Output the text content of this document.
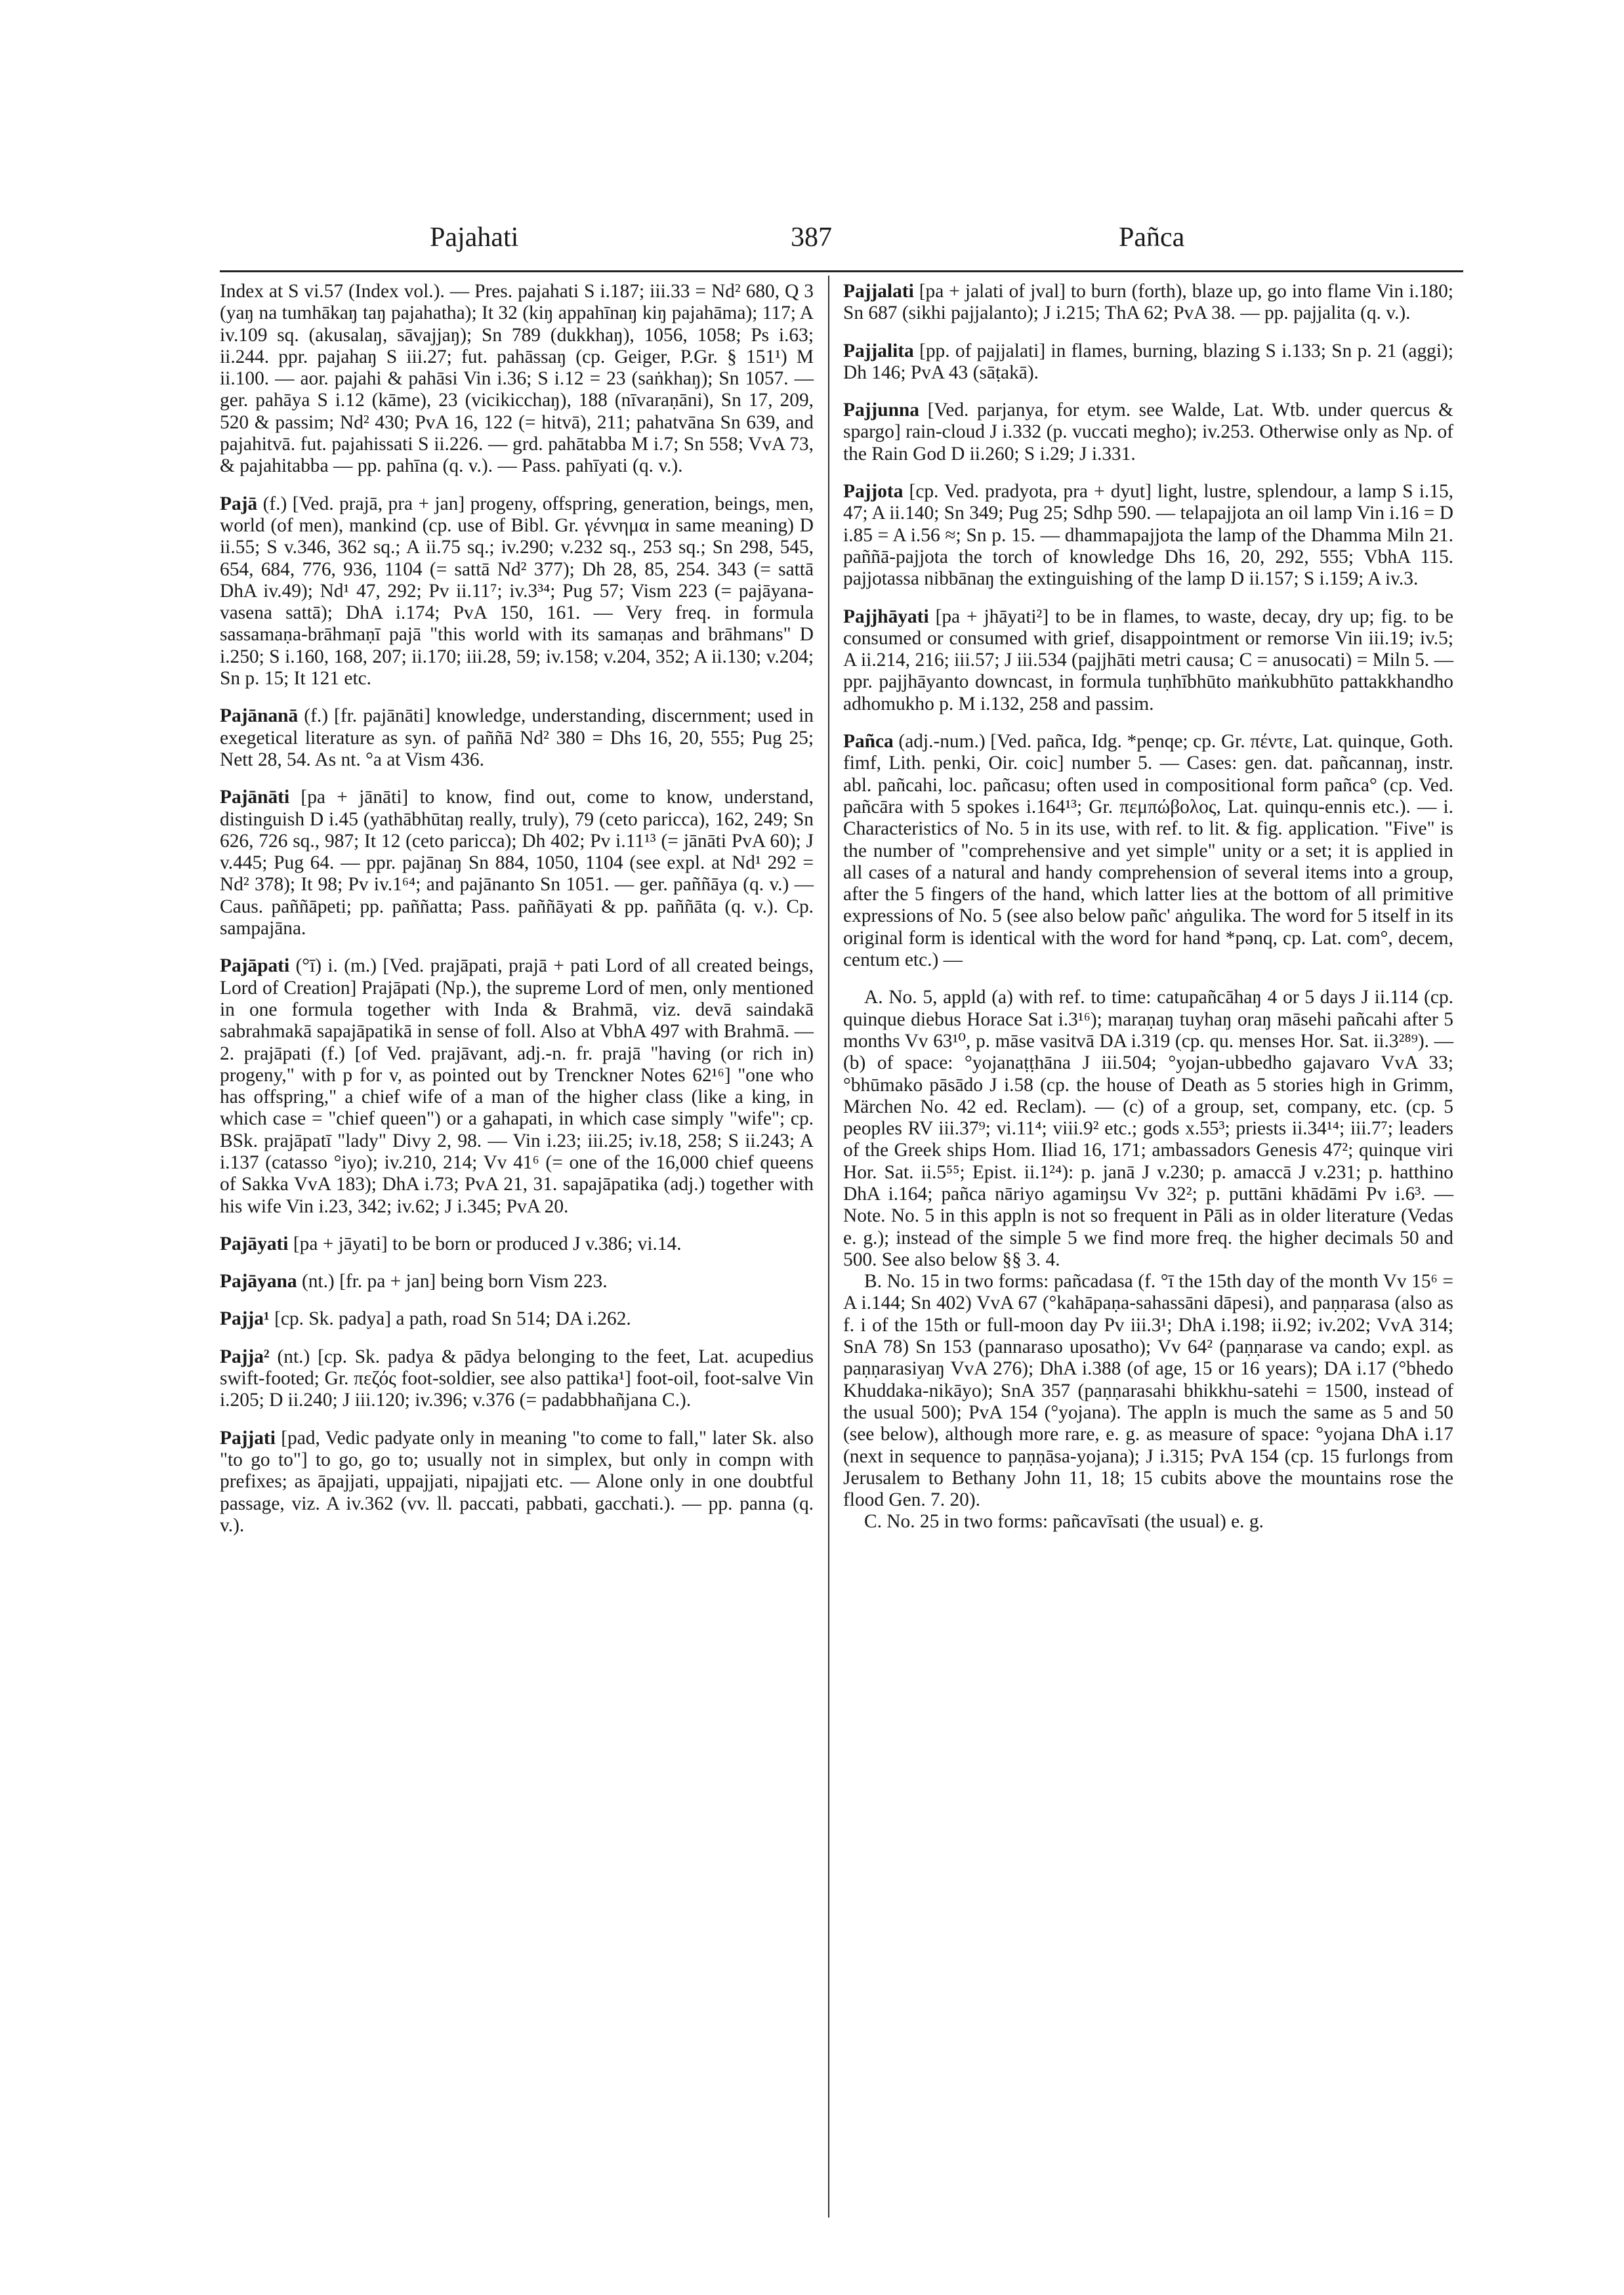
Pajahati	387	Pañca

Index at S vi.57 (Index vol.). — Pres. pajahati S i.187; iii.33 = Nd² 680, Q 3 (yaŋ na tumhākaŋ taŋ pajahatha); It 32 (kiŋ appahīnaŋ kiŋ pajahāma); 117; A iv.109 sq. (akusalaŋ, sāvajjaŋ); Sn 789 (dukkhaŋ), 1056, 1058; Ps i.63; ii.244. ppr. pajahaŋ S iii.27; fut. pahāssaŋ (cp. Geiger, P.Gr. § 151¹) M ii.100. — aor. pajahi & pahāsi Vin i.36; S i.12 = 23 (saṅkhaŋ); Sn 1057. — ger. pahāya S i.12 (kāme), 23 (vicikicchaŋ), 188 (nīvaraṇāni), Sn 17, 209, 520 & passim; Nd² 430; PvA 16, 122 (= hitvā), 211; pahatvāna Sn 639, and pajahitvā. fut. pajahissati S ii.226. — grd. pahātabba M i.7; Sn 558; VvA 73, & pajahitabba — pp. pahīna (q. v.). — Pass. pahīyati (q. v.).

Pajā (f.) [Ved. prajā, pra + jan] progeny, offspring, generation, beings, men, world (of men), mankind (cp. use of Bibl. Gr. γέννημα in same meaning) D ii.55; S v.346, 362 sq.; A ii.75 sq.; iv.290; v.232 sq., 253 sq.; Sn 298, 545, 654, 684, 776, 936, 1104 (= sattā Nd² 377); Dh 28, 85, 254. 343 (= sattā DhA iv.49); Nd¹ 47, 292; Pv ii.11⁷; iv.3³⁴; Pug 57; Vism 223 (= pajāyana-vasena sattā); DhA i.174; PvA 150, 161. — Very freq. in formula sassamaṇa-brāhmaṇī pajā "this world with its samaṇas and brāhmans" D i.250; S i.160, 168, 207; ii.170; iii.28, 59; iv.158; v.204, 352; A ii.130; v.204; Sn p. 15; It 121 etc.

Pajānanā (f.) [fr. pajānāti] knowledge, understanding, discernment; used in exegetical literature as syn. of paññā Nd² 380 = Dhs 16, 20, 555; Pug 25; Nett 28, 54. As nt. °a at Vism 436.

Pajānāti [pa + jānāti] to know, find out, come to know, understand, distinguish D i.45 (yathābhūtaŋ really, truly), 79 (ceto paricca), 162, 249; Sn 626, 726 sq., 987; It 12 (ceto paricca); Dh 402; Pv i.11¹³ (= jānāti PvA 60); J v.445; Pug 64. — ppr. pajānaŋ Sn 884, 1050, 1104 (see expl. at Nd¹ 292 = Nd² 378); It 98; Pv iv.1⁶⁴; and pajānanto Sn 1051. — ger. paññāya (q. v.) — Caus. paññāpeti; pp. paññatta; Pass. paññāyati & pp. paññāta (q. v.). Cp. sampajāna.

Pajāpati (°ī) i. (m.) [Ved. prajāpati, prajā + pati Lord of all created beings, Lord of Creation] Prajāpati (Np.), the supreme Lord of men, only mentioned in one formula together with Inda & Brahmā, viz. devā saindakā sabrahmakā sapajāpatikā in sense of foll. Also at VbhA 497 with Brahmā. — 2. prajāpati (f.) [of Ved. prajāvant, adj.-n. fr. prajā "having (or rich in) progeny," with p for v, as pointed out by Trenckner Notes 62¹⁶] "one who has offspring," a chief wife of a man of the higher class (like a king, in which case = "chief queen") or a gahapati, in which case simply "wife"; cp. BSk. prajāpatī "lady" Divy 2, 98. — Vin i.23; iii.25; iv.18, 258; S ii.243; A i.137 (catasso °iyo); iv.210, 214; Vv 41⁶ (= one of the 16,000 chief queens of Sakka VvA 183); DhA i.73; PvA 21, 31. sapajāpatika (adj.) together with his wife Vin i.23, 342; iv.62; J i.345; PvA 20.

Pajāyati [pa + jāyati] to be born or produced J v.386; vi.14.

Pajāyana (nt.) [fr. pa + jan] being born Vism 223.

Pajja¹ [cp. Sk. padya] a path, road Sn 514; DA i.262.

Pajja² (nt.) [cp. Sk. padya & pādya belonging to the feet, Lat. acupedius swift-footed; Gr. πεζός foot-soldier, see also pattika¹] foot-oil, foot-salve Vin i.205; D ii.240; J iii.120; iv.396; v.376 (= padabbhañjana C.).

Pajjati [pad, Vedic padyate only in meaning "to come to fall," later Sk. also "to go to"] to go, go to; usually not in simplex, but only in compn with prefixes; as āpajjati, uppajjati, nipajjati etc. — Alone only in one doubtful passage, viz. A iv.362 (vv. ll. paccati, pabbati, gacchati.). — pp. panna (q. v.).

Pajjalati [pa + jalati of jval] to burn (forth), blaze up, go into flame Vin i.180; Sn 687 (sikhi pajjalanto); J i.215; ThA 62; PvA 38. — pp. pajjalita (q. v.).

Pajjalita [pp. of pajjalati] in flames, burning, blazing S i.133; Sn p. 21 (aggi); Dh 146; PvA 43 (sāṭakā).

Pajjunna [Ved. parjanya, for etym. see Walde, Lat. Wtb. under quercus & spargo] rain-cloud J i.332 (p. vuccati megho); iv.253. Otherwise only as Np. of the Rain God D ii.260; S i.29; J i.331.

Pajjota [cp. Ved. pradyota, pra + dyut] light, lustre, splendour, a lamp S i.15, 47; A ii.140; Sn 349; Pug 25; Sdhp 590. — telapajjota an oil lamp Vin i.16 = D i.85 = A i.56 ≈; Sn p. 15. — dhammapajjota the lamp of the Dhamma Miln 21. paññā-pajjota the torch of knowledge Dhs 16, 20, 292, 555; VbhA 115. pajjotassa nibbānaŋ the extinguishing of the lamp D ii.157; S i.159; A iv.3.

Pajjhāyati [pa + jhāyati²] to be in flames, to waste, decay, dry up; fig. to be consumed or consumed with grief, disappointment or remorse Vin iii.19; iv.5; A ii.214, 216; iii.57; J iii.534 (pajjhāti metri causa; C = anusocati) = Miln 5. — ppr. pajjhāyanto downcast, in formula tuṇhībhūto maṅkubhūto pattakkhandho adhomukho p. M i.132, 258 and passim.

Pañca (adj.-num.) [Ved. pañca, Idg. *penqe; cp. Gr. πέντε, Lat. quinque, Goth. fimf, Lith. penki, Oir. coic] number 5. — Cases: gen. dat. pañcannaŋ, instr. abl. pañcahi, loc. pañcasu; often used in compositional form pañca° (cp. Ved. pañcāra with 5 spokes i.164¹³; Gr. πεμπώβολος, Lat. quinqu-ennis etc.). — i. Characteristics of No. 5 in its use, with ref. to lit. & fig. application. "Five" is the number of "comprehensive and yet simple" unity or a set; it is applied in all cases of a natural and handy comprehension of several items into a group, after the 5 fingers of the hand, which latter lies at the bottom of all primitive expressions of No. 5 (see also below pañc' aṅgulika. The word for 5 itself in its original form is identical with the word for hand *pənq, cp. Lat. com°, decem, centum etc.) —

A. No. 5, appld (a) with ref. to time: catupañcāhaŋ 4 or 5 days J ii.114 (cp. quinque diebus Horace Sat i.3¹⁶); maraṇaŋ tuyhaŋ oraŋ māsehi pañcahi after 5 months Vv 63¹⁰, p. māse vasitvā DA i.319 (cp. qu. menses Hor. Sat. ii.3²⁸⁹). — (b) of space: °yojanaṭṭhāna J iii.504; °yojan-ubbedho gajavaro VvA 33; °bhūmako pāsādo J i.58 (cp. the house of Death as 5 stories high in Grimm, Märchen No. 42 ed. Reclam). — (c) of a group, set, company, etc. (cp. 5 peoples RV iii.37⁹; vi.11⁴; viii.9² etc.; gods x.55³; priests ii.34¹⁴; iii.7⁷; leaders of the Greek ships Hom. Iliad 16, 171; ambassadors Genesis 47²; quinque viri Hor. Sat. ii.5⁵⁵; Epist. ii.1²⁴): p. janā J v.230; p. amaccā J v.231; p. hatthino DhA i.164; pañca nāriyo agamiŋsu Vv 32²; p. puttāni khādāmi Pv i.6³. — Note. No. 5 in this appln is not so frequent in Pāli as in older literature (Vedas e. g.); instead of the simple 5 we find more freq. the higher decimals 50 and 500. See also below §§ 3. 4.

B. No. 15 in two forms: pañcadasa (f. °ī the 15th day of the month Vv 15⁶ = A i.144; Sn 402) VvA 67 (°kahāpaṇa-sahassāni dāpesi), and paṇṇarasa (also as f. i of the 15th or full-moon day Pv iii.3¹; DhA i.198; ii.92; iv.202; VvA 314; SnA 78) Sn 153 (pannaraso uposatho); Vv 64² (paṇṇarase va cando; expl. as paṇṇarasiyaŋ VvA 276); DhA i.388 (of age, 15 or 16 years); DA i.17 (°bhedo Khuddaka-nikāyo); SnA 357 (paṇṇarasahi bhikkhu-satehi = 1500, instead of the usual 500); PvA 154 (°yojana). The appln is much the same as 5 and 50 (see below), although more rare, e. g. as measure of space: °yojana DhA i.17 (next in sequence to paṇṇāsa-yojana); J i.315; PvA 154 (cp. 15 furlongs from Jerusalem to Bethany John 11, 18; 15 cubits above the mountains rose the flood Gen. 7. 20).

C. No. 25 in two forms: pañcavīsati (the usual) e. g.
